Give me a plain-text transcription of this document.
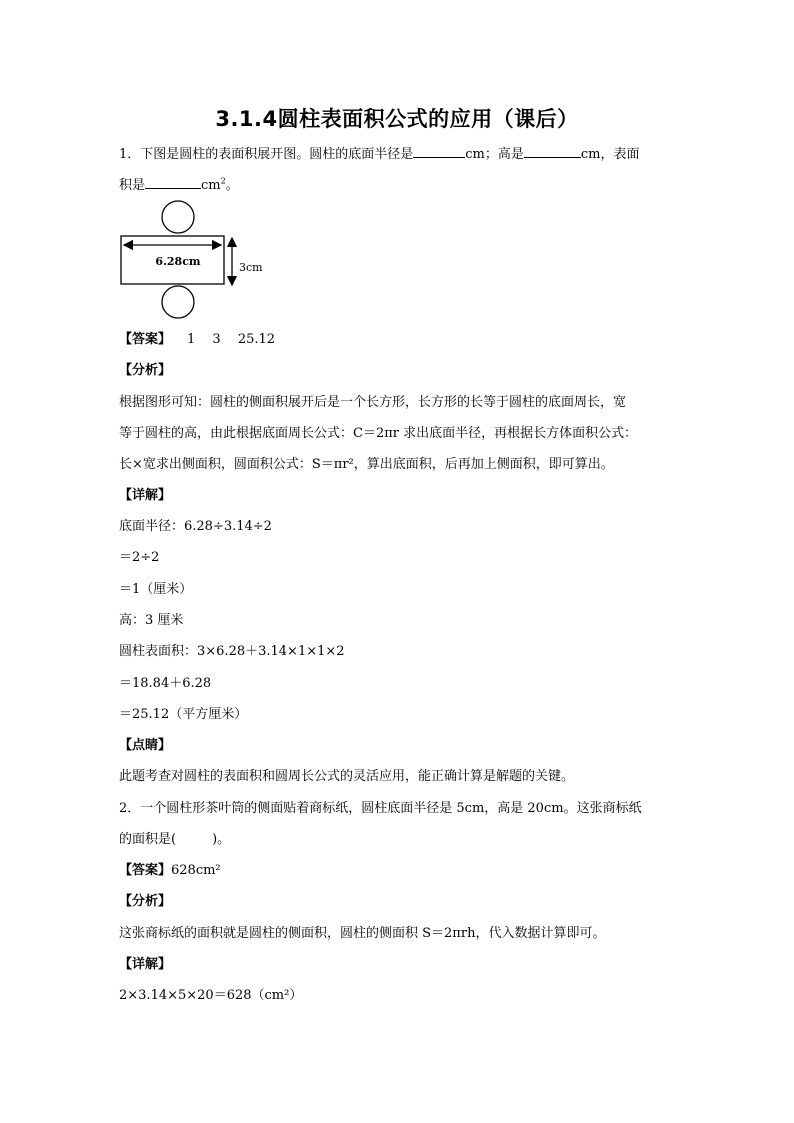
3.1.4圆柱表面积公式的应用（课后）
1．下图是圆柱的表面积展开图。圆柱的底面半径是	cm；高是	cm，表面
积是	$cm^2$。
6.28cm	3cm
【答案】 1　 3　 25.12
【分析】
根据图形可知：圆柱的侧面积展开后是一个长方形，长方形的长等于圆柱的底面周长，宽
等于圆柱的高，由此根据底面周长公式：C＝2πr 求出底面半径，再根据长方体面积公式：
长×宽求出侧面积，圆面积公式：S＝πr²，算出底面积，后再加上侧面积，即可算出。
【详解】
底面半径：6.28÷3.14÷2
＝2÷2
＝1（厘米）
高：3 厘米
圆柱表面积：3×6.28＋3.14×1×1×2
＝18.84＋6.28
＝25.12（平方厘米）
【点睛】
此题考查对圆柱的表面积和圆周长公式的灵活应用，能正确计算是解题的关键。
2．一个圆柱形茶叶筒的侧面贴着商标纸，圆柱底面半径是 5cm，高是 20cm。这张商标纸
的面积是(	)。
【答案】628cm²
【分析】
这张商标纸的面积就是圆柱的侧面积，圆柱的侧面积 S＝2πrh，代入数据计算即可。
【详解】
2×3.14×5×20＝628（cm²）
